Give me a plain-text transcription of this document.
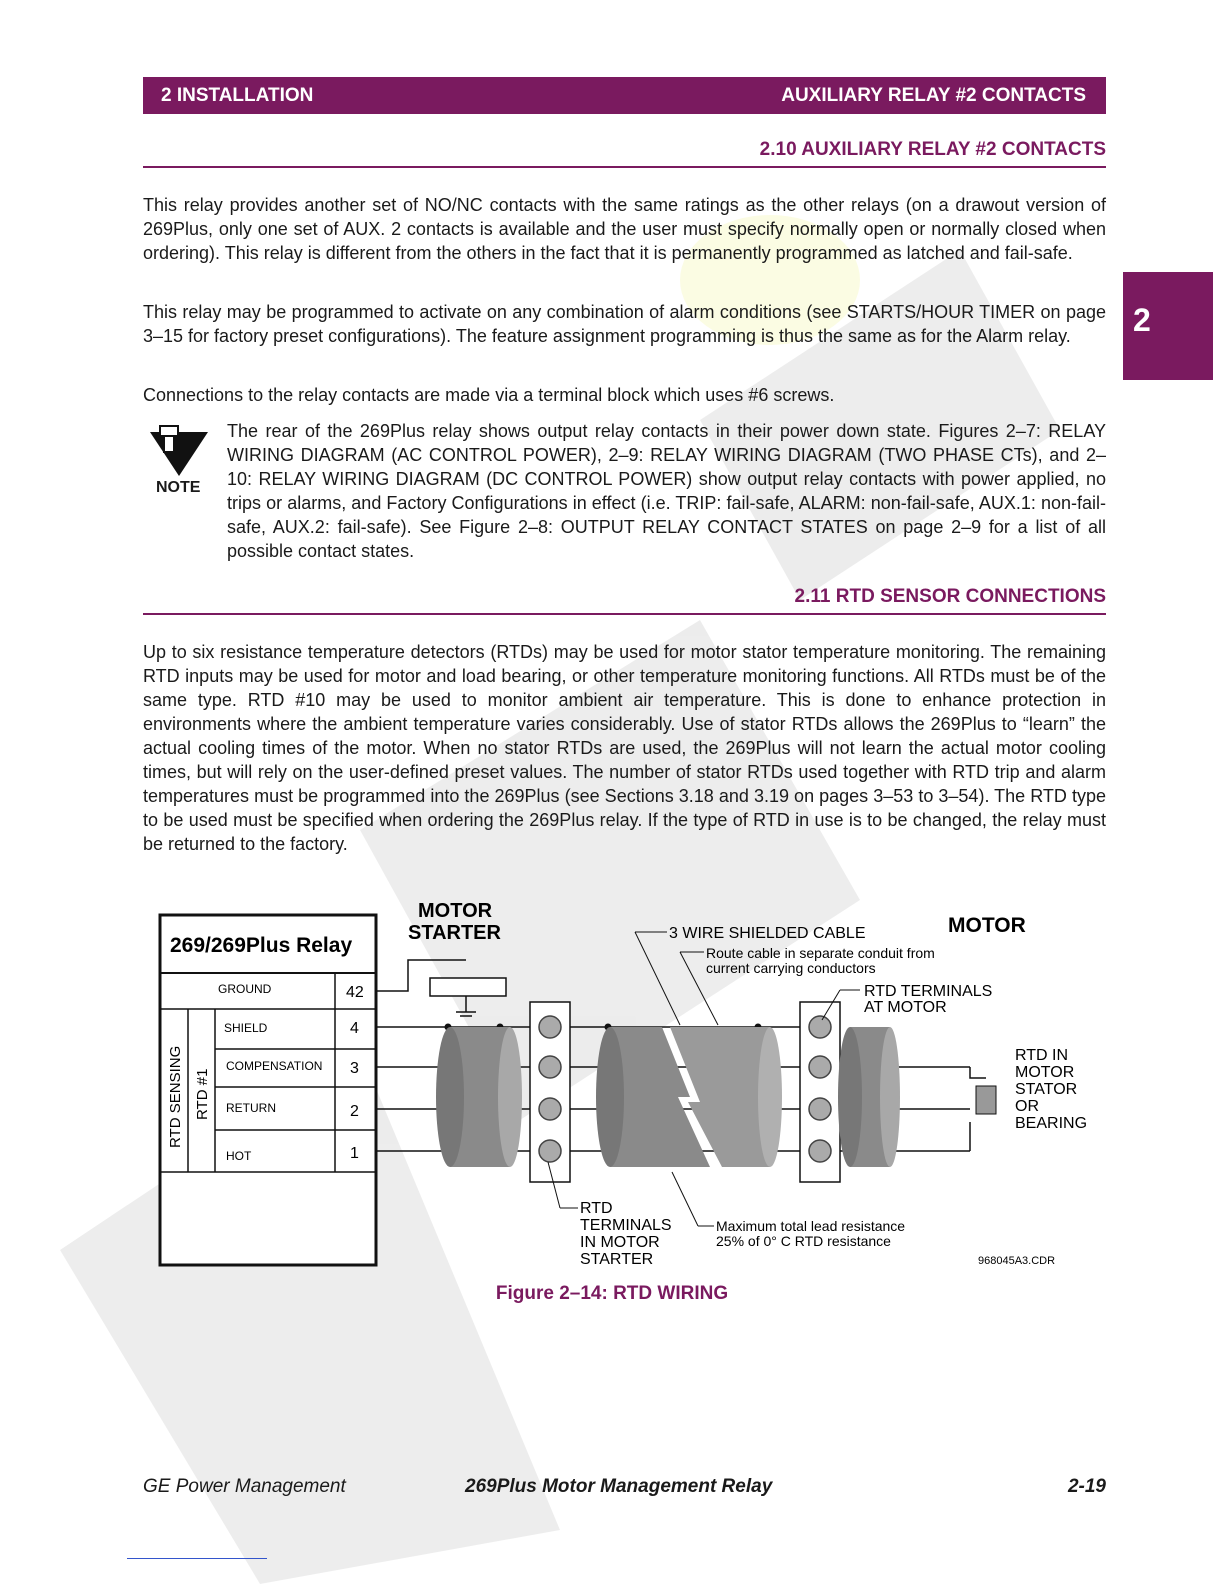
2 INSTALLATION	AUXILIARY RELAY #2 CONTACTS
2
2.10 AUXILIARY RELAY #2 CONTACTS
This relay provides another set of NO/NC contacts with the same ratings as the other relays (on a drawout version of 269Plus, only one set of AUX. 2 contacts is available and the user must specify normally open or normally closed when ordering). This relay is different from the others in the fact that it is permanently programmed as latched and fail-safe.
This relay may be programmed to activate on any combination of alarm conditions (see STARTS/HOUR TIMER on page 3–15 for factory preset configurations). The feature assignment programming is thus the same as for the Alarm relay.
Connections to the relay contacts are made via a terminal block which uses #6 screws.
NOTE
The rear of the 269Plus relay shows output relay contacts in their power down state. Figures 2–7: RELAY WIRING DIAGRAM (AC CONTROL POWER), 2–9: RELAY WIRING DIAGRAM (TWO PHASE CTs), and 2–10: RELAY WIRING DIAGRAM (DC CONTROL POWER) show output relay contacts with power applied, no trips or alarms, and Factory Configurations in effect (i.e. TRIP: fail-safe, ALARM: non-fail-safe, AUX.1: non-fail-safe, AUX.2: fail-safe). See Figure 2–8: OUTPUT RELAY CONTACT STATES on page 2–9 for a list of all possible contact states.
2.11 RTD SENSOR CONNECTIONS
Up to six resistance temperature detectors (RTDs) may be used for motor stator temperature monitoring. The remaining RTD inputs may be used for motor and load bearing, or other temperature monitoring functions. All RTDs must be of the same type. RTD #10 may be used to monitor ambient air temperature. This is done to enhance protection in environments where the ambient temperature varies considerably. Use of stator RTDs allows the 269Plus to “learn” the actual cooling times of the motor. When no stator RTDs are used, the 269Plus will not learn the actual motor cooling times, but will rely on the user-defined preset values. The number of stator RTDs used together with RTD trip and alarm temperatures must be programmed into the 269Plus (see Sections 3.18 and 3.19 on pages 3–53 to 3–54). The RTD type to be used must be specified when ordering the 269Plus relay. If the type of RTD in use is to be changed, the relay must be returned to the factory.
269/269Plus Relay
GROUND	42
SHIELD	4
COMPENSATION 3
RETURN	2
HOT	1
RTD SENSING RTD #1
MOTOR
STARTER	3 WIRE SHIELDED CABLE
Route cable in separate conduit from
current carrying conductors
MOTOR
RTD TERMINALS
AT MOTOR
RTD IN
MOTOR
STATOR
OR
BEARING
RTD
TERMINALS
IN MOTOR
STARTER
Maximum total lead resistance
25% of 0° C RTD resistance
968045A3.CDR
Figure 2–14: RTD WIRING
GE Power Management	269Plus Motor Management Relay	2-19
